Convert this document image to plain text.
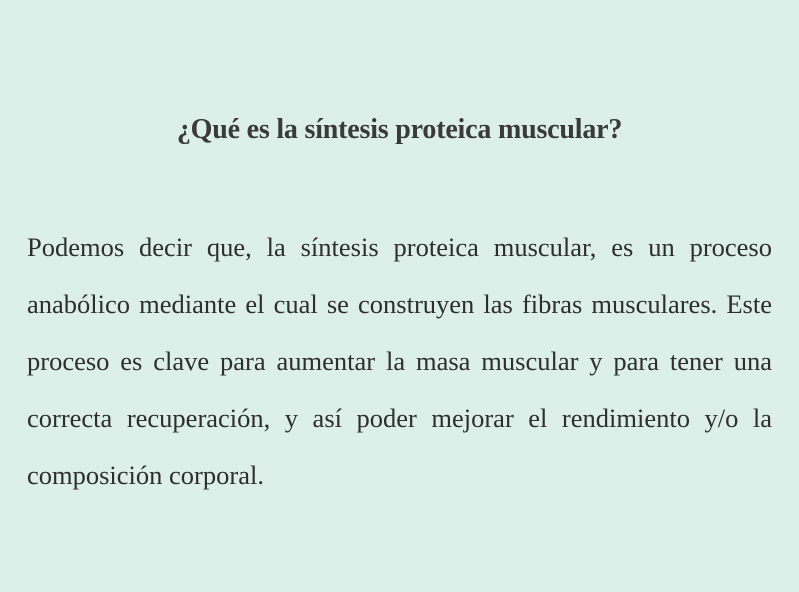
¿Qué es la síntesis proteica muscular?

Podemos decir que, la síntesis proteica muscular, es un proceso anabólico mediante el cual se construyen las fibras musculares. Este proceso es clave para aumentar la masa muscular y para tener una correcta recuperación, y así poder mejorar el rendimiento y/o la composición corporal.
